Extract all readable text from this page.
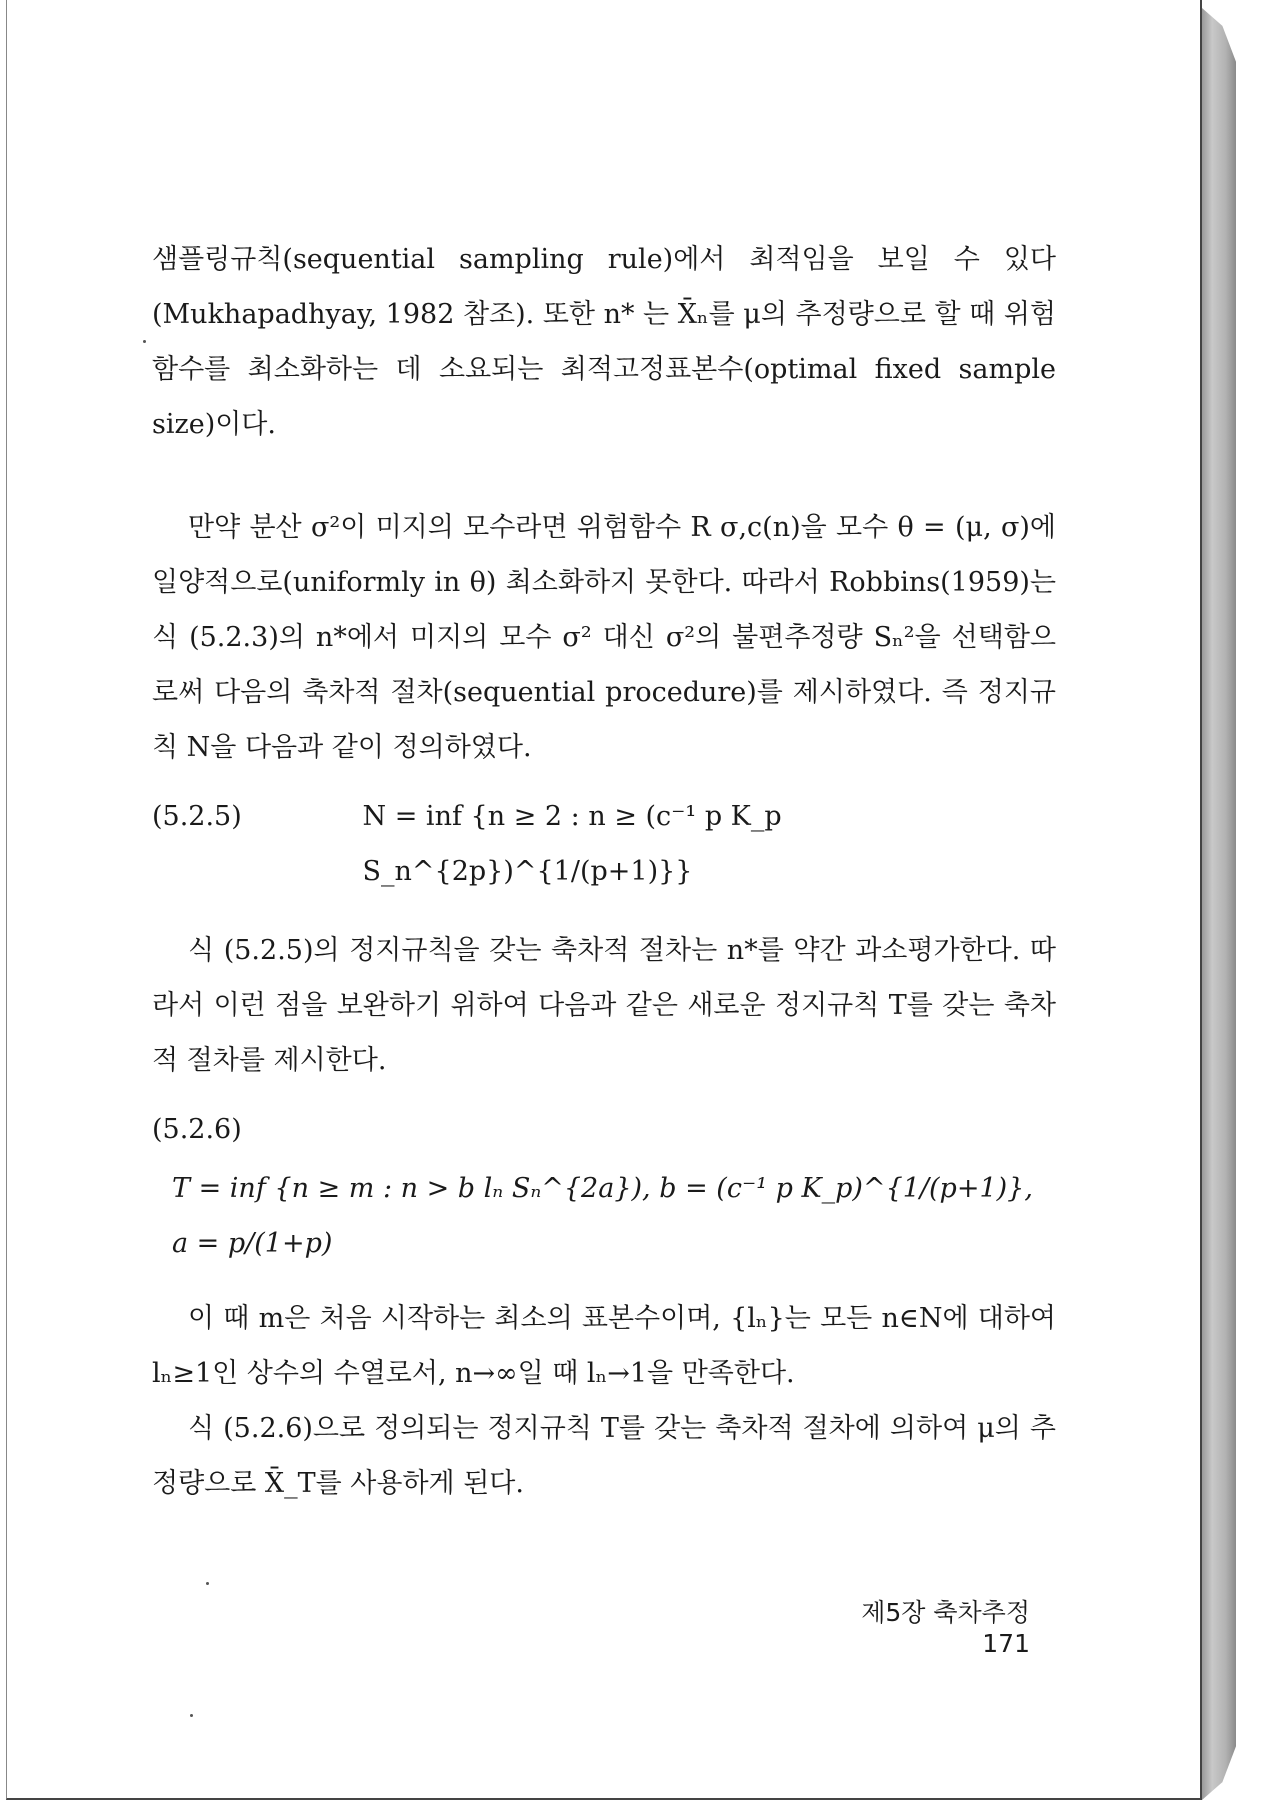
샘플링규칙(sequential sampling rule)에서 최적임을 보일 수 있다 (Mukhapadhyay, 1982 참조). 또한 n* 는 X̄ₙ를 μ의 추정량으로 할 때 위험함수를 최소화하는 데 소요되는 최적고정표본수(optimal fixed sample size)이다.

만약 분산 σ²이 미지의 모수라면 위험함수 R σ,c(n)을 모수 θ = (μ, σ)에 일양적으로(uniformly in θ) 최소화하지 못한다. 따라서 Robbins(1959)는 식 (5.2.3)의 n*에서 미지의 모수 σ² 대신 σ²의 불편추정량 Sₙ²을 선택함으로써 다음의 축차적 절차(sequential procedure)를 제시하였다. 즉 정지규칙 N을 다음과 같이 정의하였다.

(5.2.5)	N = inf {n ≥ 2 : n ≥ (c⁻¹ p K_p S_n^{2p})^{1/(p+1)}}

식 (5.2.5)의 정지규칙을 갖는 축차적 절차는 n*를 약간 과소평가한다. 따라서 이런 점을 보완하기 위하여 다음과 같은 새로운 정지규칙 T를 갖는 축차적 절차를 제시한다.

(5.2.6)
T = inf {n ≥ m : n > b lₙ Sₙ^{2a}), b = (c⁻¹ p K_p)^{1/(p+1)}, a = p/(1+p)

이 때 m은 처음 시작하는 최소의 표본수이며, {lₙ}는 모든 n∈N에 대하여 lₙ≥1인 상수의 수열로서, n→∞일 때 lₙ→1을 만족한다.

식 (5.2.6)으로 정의되는 정지규칙 T를 갖는 축차적 절차에 의하여 μ의 추정량으로 X̄_T를 사용하게 된다.

제5장 축차추정171
